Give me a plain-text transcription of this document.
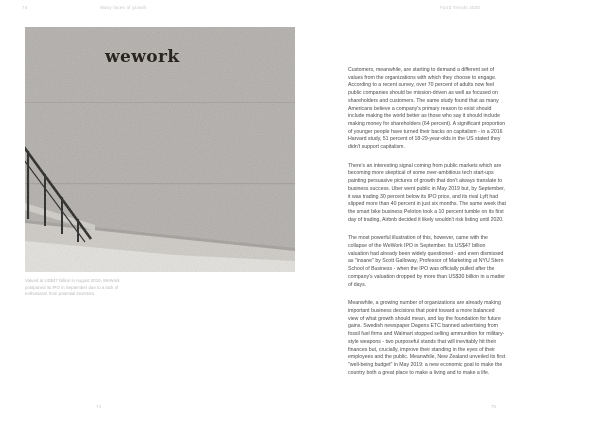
74	Many faces of growth	Fjord Trends 2020
wework
Valued at US$47 billion in August 2019, WeWork postponed its IPO in September due to a lack of enthusiasm from potential investors.

Customers, meanwhile, are starting to demand a different set of values from the organizations with which they choose to engage. According to a recent survey, over 70 percent of adults now feel public companies should be mission-driven as well as focused on shareholders and customers. The same study found that as many Americans believe a company's primary reason to exist should include making the world better as those who say it should include making money for shareholders (64 percent). A significant proportion of younger people have turned their backs on capitalism - in a 2016 Harvard study, 51 percent of 18-29-year-olds in the US stated they didn't support capitalism.

There's an interesting signal coming from public markets which are becoming more skeptical of some over-ambitious tech start-ups painting persuasive pictures of growth that don't always translate to business success. Uber went public in May 2019 but, by September, it was trading 30 percent below its IPO price, and its rival Lyft had slipped more than 40 percent in just six months. The same week that the smart bike business Peloton took a 10 percent tumble on its first day of trading, Airbnb decided it likely wouldn't risk listing until 2020.

The most powerful illustration of this, however, came with the collapse of the WeWork IPO in September. Its US$47 billion valuation had already been widely questioned - and even dismissed as "insane" by Scott Galloway, Professor of Marketing at NYU Stern School of Business - when the IPO was officially pulled after the company's valuation dropped by more than US$30 billion in a matter of days.

Meanwhile, a growing number of organizations are already making important business decisions that point toward a more balanced view of what growth should mean, and lay the foundation for future gains. Swedish newspaper Dagens ETC banned advertising from fossil fuel firms and Walmart stopped selling ammunition for military-style weapons - two purposeful stands that will inevitably hit their finances but, crucially, improve their standing in the eyes of their employees and the public. Meanwhile, New Zealand unveiled its first "well-being budget" in May 2019: a new economic goal to make the country both a great place to make a living and to make a life.

74	75
